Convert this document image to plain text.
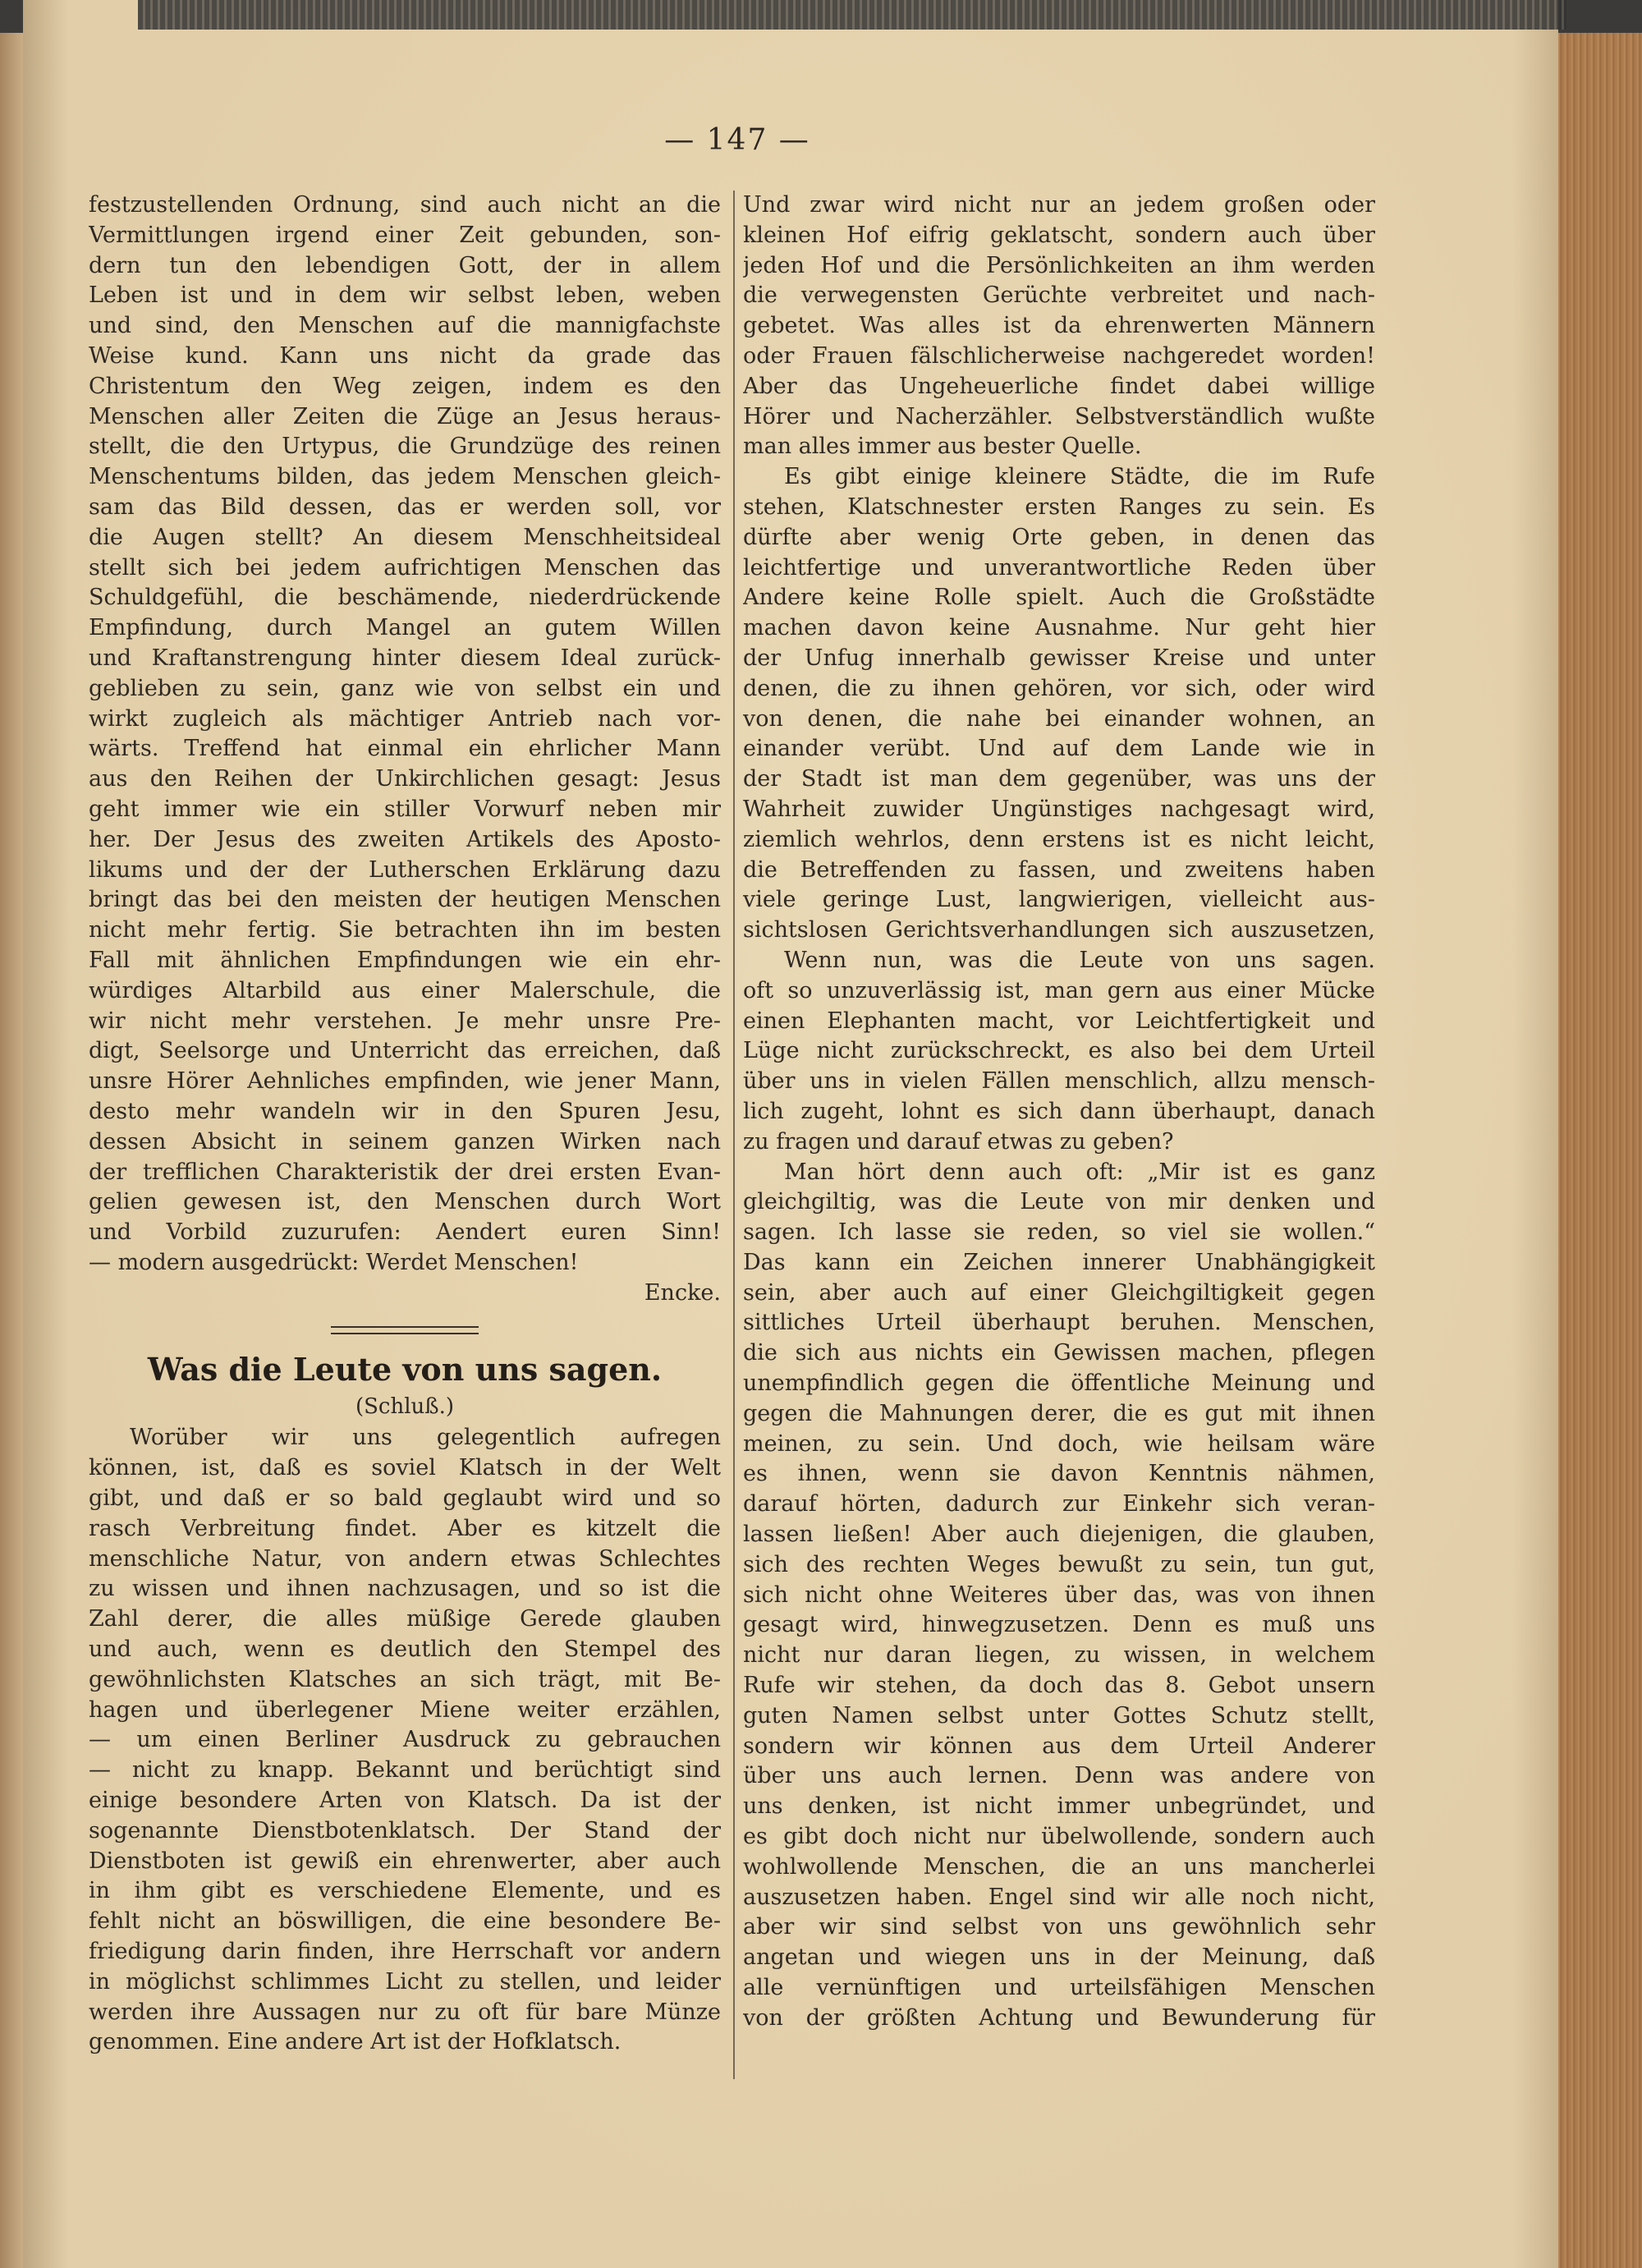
— 147 —
festzustellenden Ordnung, sind auch nicht an die
Vermittlungen irgend einer Zeit gebunden, son-
dern tun den lebendigen Gott, der in allem
Leben ist und in dem wir selbst leben, weben
und sind, den Menschen auf die mannigfachste
Weise kund. Kann uns nicht da grade das
Christentum den Weg zeigen, indem es den
Menschen aller Zeiten die Züge an Jesus heraus-
stellt, die den Urtypus, die Grundzüge des reinen
Menschentums bilden, das jedem Menschen gleich-
sam das Bild dessen, das er werden soll, vor
die Augen stellt? An diesem Menschheitsideal
stellt sich bei jedem aufrichtigen Menschen das
Schuldgefühl, die beschämende, niederdrückende
Empfindung, durch Mangel an gutem Willen
und Kraftanstrengung hinter diesem Ideal zurück-
geblieben zu sein, ganz wie von selbst ein und
wirkt zugleich als mächtiger Antrieb nach vor-
wärts. Treffend hat einmal ein ehrlicher Mann
aus den Reihen der Unkirchlichen gesagt: Jesus
geht immer wie ein stiller Vorwurf neben mir
her. Der Jesus des zweiten Artikels des Aposto-
likums und der der Lutherschen Erklärung dazu
bringt das bei den meisten der heutigen Menschen
nicht mehr fertig. Sie betrachten ihn im besten
Fall mit ähnlichen Empfindungen wie ein ehr-
würdiges Altarbild aus einer Malerschule, die
wir nicht mehr verstehen. Je mehr unsre Pre-
digt, Seelsorge und Unterricht das erreichen, daß
unsre Hörer Aehnliches empfinden, wie jener Mann,
desto mehr wandeln wir in den Spuren Jesu,
dessen Absicht in seinem ganzen Wirken nach
der trefflichen Charakteristik der drei ersten Evan-
gelien gewesen ist, den Menschen durch Wort
und Vorbild zuzurufen: Aendert euren Sinn!
— modern ausgedrückt: Werdet Menschen!
Encke.
Was die Leute von uns sagen.
(Schluß.)
Worüber wir uns gelegentlich aufregen
können, ist, daß es soviel Klatsch in der Welt
gibt, und daß er so bald geglaubt wird und so
rasch Verbreitung findet. Aber es kitzelt die
menschliche Natur, von andern etwas Schlechtes
zu wissen und ihnen nachzusagen, und so ist die
Zahl derer, die alles müßige Gerede glauben
und auch, wenn es deutlich den Stempel des
gewöhnlichsten Klatsches an sich trägt, mit Be-
hagen und überlegener Miene weiter erzählen,
— um einen Berliner Ausdruck zu gebrauchen
— nicht zu knapp. Bekannt und berüchtigt sind
einige besondere Arten von Klatsch. Da ist der
sogenannte Dienstbotenklatsch. Der Stand der
Dienstboten ist gewiß ein ehrenwerter, aber auch
in ihm gibt es verschiedene Elemente, und es
fehlt nicht an böswilligen, die eine besondere Be-
friedigung darin finden, ihre Herrschaft vor andern
in möglichst schlimmes Licht zu stellen, und leider
werden ihre Aussagen nur zu oft für bare Münze
genommen. Eine andere Art ist der Hofklatsch.
Und zwar wird nicht nur an jedem großen oder
kleinen Hof eifrig geklatscht, sondern auch über
jeden Hof und die Persönlichkeiten an ihm werden
die verwegensten Gerüchte verbreitet und nach-
gebetet. Was alles ist da ehrenwerten Männern
oder Frauen fälschlicherweise nachgeredet worden!
Aber das Ungeheuerliche findet dabei willige
Hörer und Nacherzähler. Selbstverständlich wußte
man alles immer aus bester Quelle.
Es gibt einige kleinere Städte, die im Rufe
stehen, Klatschnester ersten Ranges zu sein. Es
dürfte aber wenig Orte geben, in denen das
leichtfertige und unverantwortliche Reden über
Andere keine Rolle spielt. Auch die Großstädte
machen davon keine Ausnahme. Nur geht hier
der Unfug innerhalb gewisser Kreise und unter
denen, die zu ihnen gehören, vor sich, oder wird
von denen, die nahe bei einander wohnen, an
einander verübt. Und auf dem Lande wie in
der Stadt ist man dem gegenüber, was uns der
Wahrheit zuwider Ungünstiges nachgesagt wird,
ziemlich wehrlos, denn erstens ist es nicht leicht,
die Betreffenden zu fassen, und zweitens haben
viele geringe Lust, langwierigen, vielleicht aus-
sichtslosen Gerichtsverhandlungen sich auszusetzen,
Wenn nun, was die Leute von uns sagen.
oft so unzuverlässig ist, man gern aus einer Mücke
einen Elephanten macht, vor Leichtfertigkeit und
Lüge nicht zurückschreckt, es also bei dem Urteil
über uns in vielen Fällen menschlich, allzu mensch-
lich zugeht, lohnt es sich dann überhaupt, danach
zu fragen und darauf etwas zu geben?
Man hört denn auch oft: „Mir ist es ganz
gleichgiltig, was die Leute von mir denken und
sagen. Ich lasse sie reden, so viel sie wollen.“
Das kann ein Zeichen innerer Unabhängigkeit
sein, aber auch auf einer Gleichgiltigkeit gegen
sittliches Urteil überhaupt beruhen. Menschen,
die sich aus nichts ein Gewissen machen, pflegen
unempfindlich gegen die öffentliche Meinung und
gegen die Mahnungen derer, die es gut mit ihnen
meinen, zu sein. Und doch, wie heilsam wäre
es ihnen, wenn sie davon Kenntnis nähmen,
darauf hörten, dadurch zur Einkehr sich veran-
lassen ließen! Aber auch diejenigen, die glauben,
sich des rechten Weges bewußt zu sein, tun gut,
sich nicht ohne Weiteres über das, was von ihnen
gesagt wird, hinwegzusetzen. Denn es muß uns
nicht nur daran liegen, zu wissen, in welchem
Rufe wir stehen, da doch das 8. Gebot unsern
guten Namen selbst unter Gottes Schutz stellt,
sondern wir können aus dem Urteil Anderer
über uns auch lernen. Denn was andere von
uns denken, ist nicht immer unbegründet, und
es gibt doch nicht nur übelwollende, sondern auch
wohlwollende Menschen, die an uns mancherlei
auszusetzen haben. Engel sind wir alle noch nicht,
aber wir sind selbst von uns gewöhnlich sehr
angetan und wiegen uns in der Meinung, daß
alle vernünftigen und urteilsfähigen Menschen
von der größten Achtung und Bewunderung für
